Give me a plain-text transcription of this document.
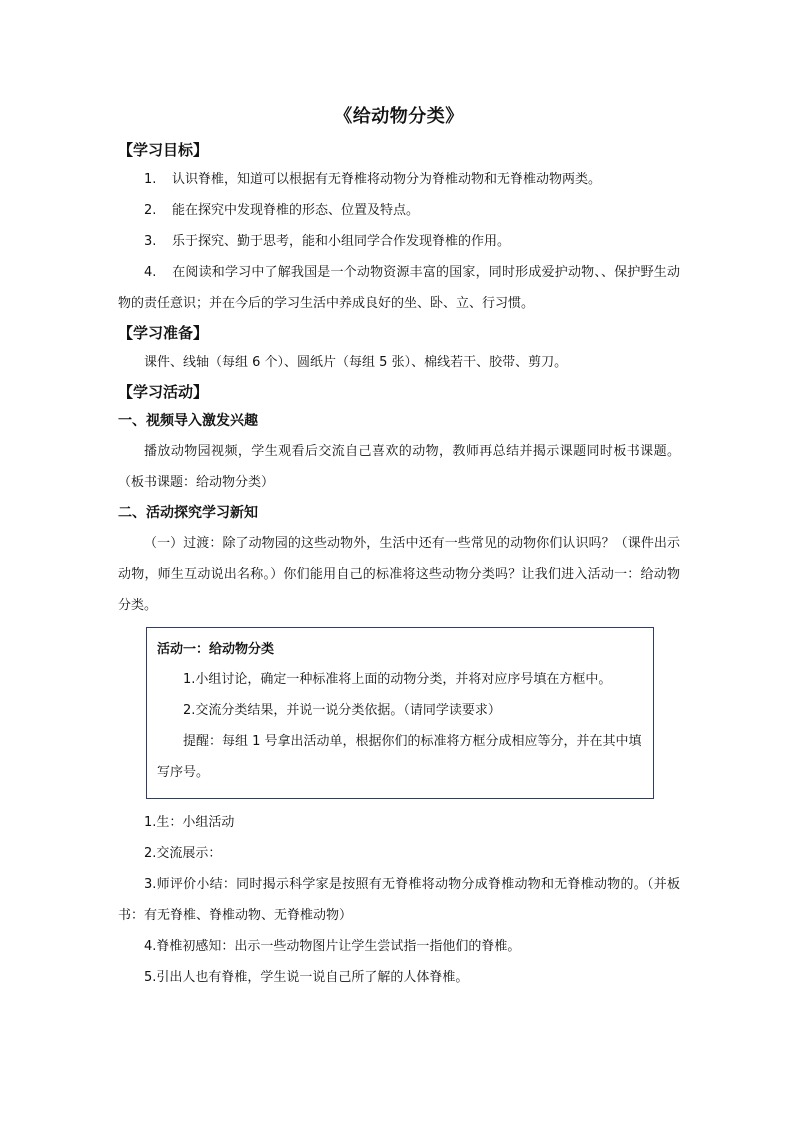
《给动物分类》
【学习目标】
1. 认识脊椎，知道可以根据有无脊椎将动物分为脊椎动物和无脊椎动物两类。
2. 能在探究中发现脊椎的形态、位置及特点。
3. 乐于探究、勤于思考，能和小组同学合作发现脊椎的作用。
4. 在阅读和学习中了解我国是一个动物资源丰富的国家，同时形成爱护动物、、保护野生动物的责任意识；并在今后的学习生活中养成良好的坐、卧、立、行习惯。
【学习准备】
课件、线轴（每组 6 个）、圆纸片（每组 5 张）、棉线若干、胶带、剪刀。
【学习活动】
一、视频导入激发兴趣
播放动物园视频，学生观看后交流自己喜欢的动物，教师再总结并揭示课题同时板书课题。（板书课题：给动物分类）
二、活动探究学习新知
（一）过渡：除了动物园的这些动物外，生活中还有一些常见的动物你们认识吗？（课件出示动物，师生互动说出名称。）你们能用自己的标准将这些动物分类吗？让我们进入活动一：给动物分类。
活动一：给动物分类
1.小组讨论，确定一种标准将上面的动物分类，并将对应序号填在方框中。
2.交流分类结果，并说一说分类依据。（请同学读要求）
提醒：每组 1 号拿出活动单，根据你们的标准将方框分成相应等分，并在其中填写序号。
1.生：小组活动
2.交流展示：
3.师评价小结：同时揭示科学家是按照有无脊椎将动物分成脊椎动物和无脊椎动物的。（并板书：有无脊椎、脊椎动物、无脊椎动物）
4.脊椎初感知：出示一些动物图片让学生尝试指一指他们的脊椎。
5.引出人也有脊椎，学生说一说自己所了解的人体脊椎。
